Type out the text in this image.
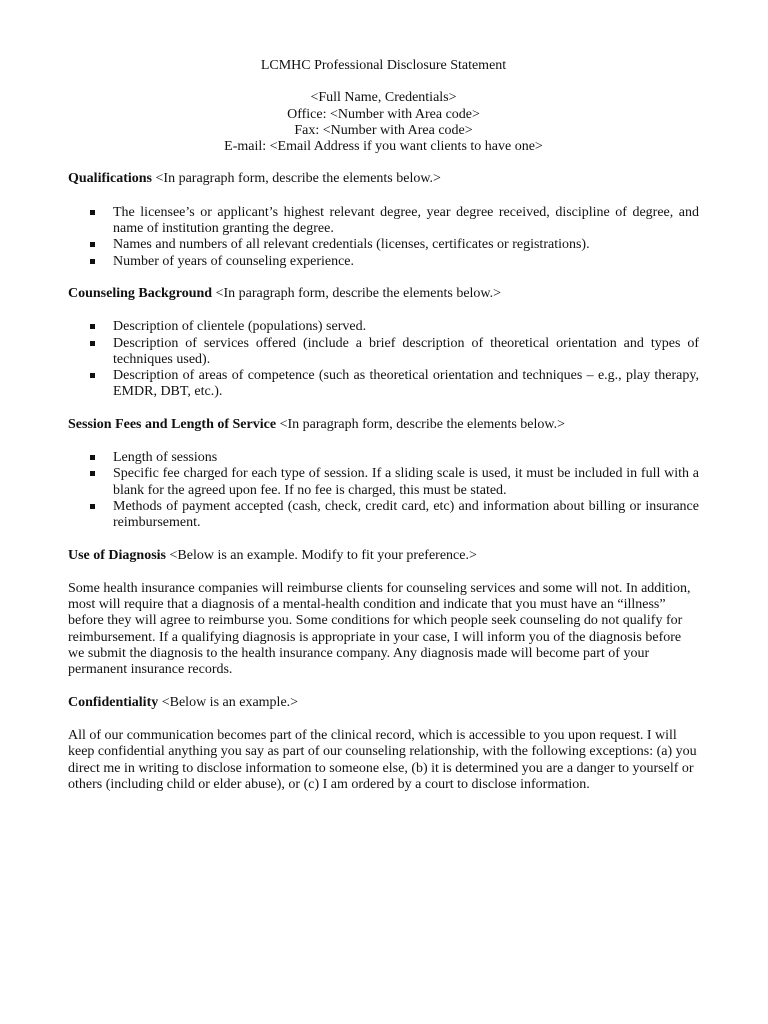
LCMHC Professional Disclosure Statement
<Full Name, Credentials>
Office: <Number with Area code>
Fax: <Number with Area code>
E-mail: <Email Address if you want clients to have one>
Qualifications <In paragraph form, describe the elements below.>
The licensee’s or applicant’s highest relevant degree, year degree received, discipline of degree, and name of institution granting the degree.
Names and numbers of all relevant credentials (licenses, certificates or registrations).
Number of years of counseling experience.
Counseling Background <In paragraph form, describe the elements below.>
Description of clientele (populations) served.
Description of services offered (include a brief description of theoretical orientation and types of techniques used).
Description of areas of competence (such as theoretical orientation and techniques – e.g., play therapy, EMDR, DBT, etc.).
Session Fees and Length of Service <In paragraph form, describe the elements below.>
Length of sessions
Specific fee charged for each type of session. If a sliding scale is used, it must be included in full with a blank for the agreed upon fee. If no fee is charged, this must be stated.
Methods of payment accepted (cash, check, credit card, etc) and information about billing or insurance reimbursement.
Use of Diagnosis <Below is an example. Modify to fit your preference.>

Some health insurance companies will reimburse clients for counseling services and some will not. In addition, most will require that a diagnosis of a mental-health condition and indicate that you must have an “illness” before they will agree to reimburse you. Some conditions for which people seek counseling do not qualify for reimbursement. If a qualifying diagnosis is appropriate in your case, I will inform you of the diagnosis before we submit the diagnosis to the health insurance company. Any diagnosis made will become part of your permanent insurance records.

Confidentiality <Below is an example.>

All of our communication becomes part of the clinical record, which is accessible to you upon request. I will keep confidential anything you say as part of our counseling relationship, with the following exceptions: (a) you direct me in writing to disclose information to someone else, (b) it is determined you are a danger to yourself or others (including child or elder abuse), or (c) I am ordered by a court to disclose information.
